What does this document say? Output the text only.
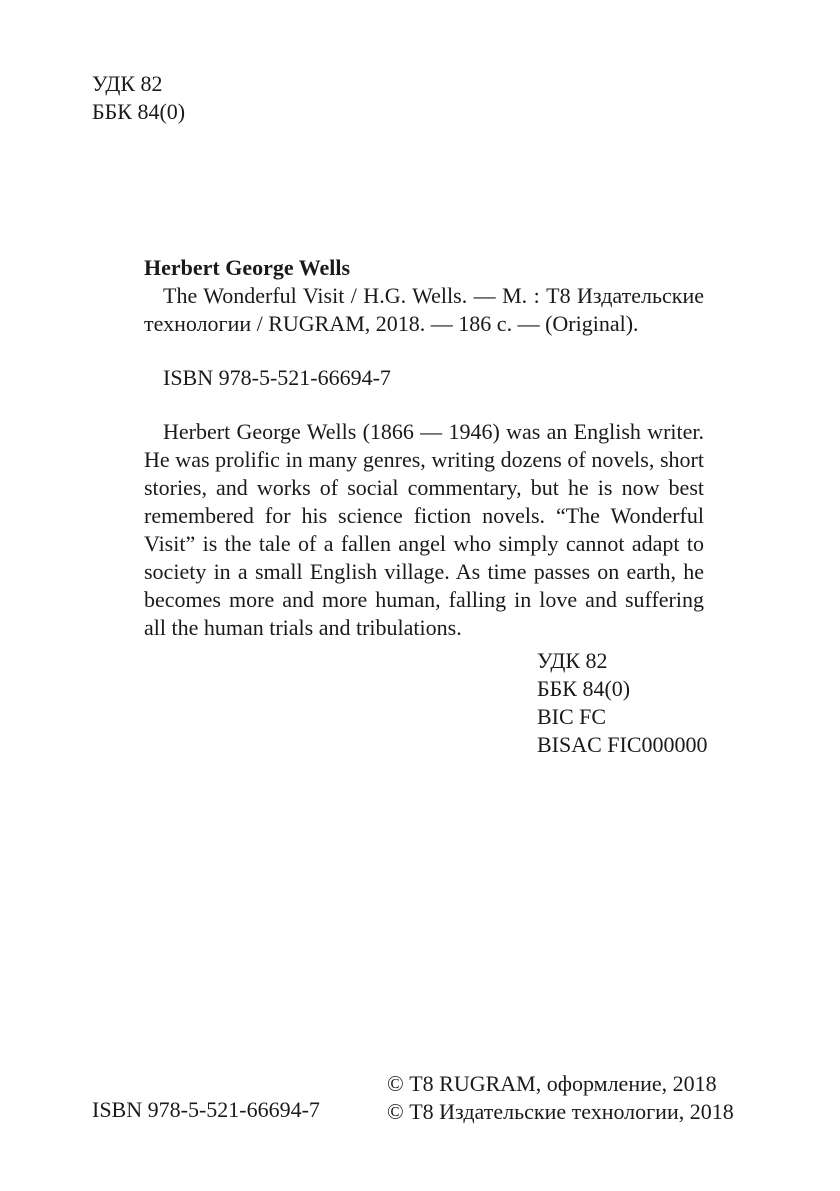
УДК 82
ББК 84(0)
Herbert George Wells
The Wonderful Visit / H.G. Wells. — М. : Т8 Издательские технологии / RUGRAM, 2018. — 186 с. — (Original).
ISBN 978-5-521-66694-7
Herbert George Wells (1866 — 1946) was an English writer. He was prolific in many genres, writing dozens of novels, short stories, and works of social commentary, but he is now best remembered for his science fiction novels. “The Wonderful Visit” is the tale of a fallen angel who simply cannot adapt to society in a small English village. As time passes on earth, he becomes more and more human, falling in love and suffering all the human trials and tribulations.
УДК 82
ББК 84(0)
BIC FC
BISAC FIC000000
ISBN 978-5-521-66694-7
© Т8 RUGRAM, оформление, 2018
© Т8 Издательские технологии, 2018
